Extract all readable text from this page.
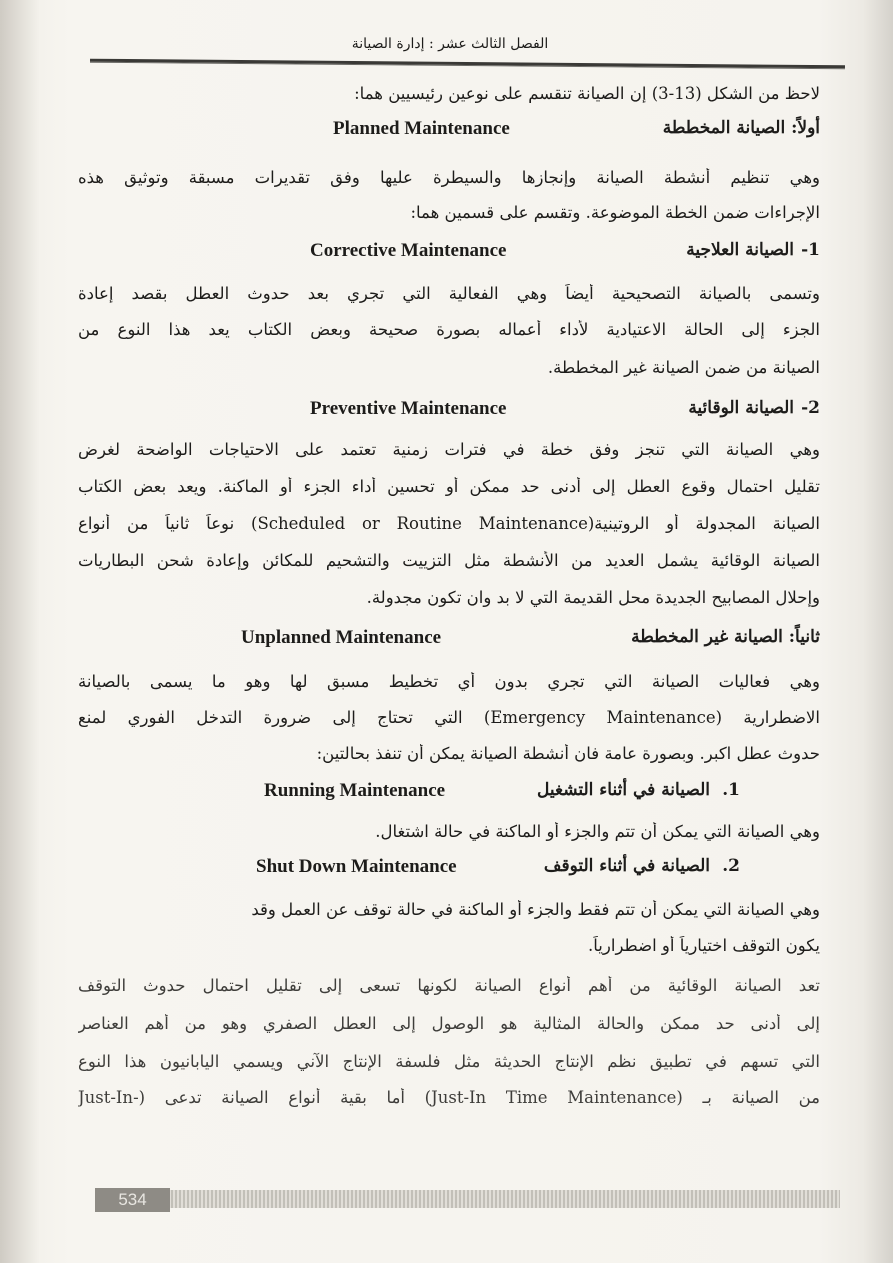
الفصل الثالث عشر : إدارة الصيانة
لاحظ من الشكل (13-3) إن الصيانة تنقسم على نوعين رئيسيين هما:
أولاً: الصيانة المخططة
Planned Maintenance
وهي تنظيم أنشطة الصيانة وإنجازها والسيطرة عليها وفق تقديرات مسبقة وتوثيق هذه
الإجراءات ضمن الخطة الموضوعة. وتقسم على قسمين هما:
1-
الصيانة العلاجية
Corrective Maintenance
وتسمى بالصيانة التصحيحية أيضاً وهي الفعالية التي تجري بعد حدوث العطل بقصد إعادة
الجزء إلى الحالة الاعتيادية لأداء أعماله بصورة صحيحة وبعض الكتاب يعد هذا النوع من
الصيانة من ضمن الصيانة غير المخططة.
2-
الصيانة الوقائية
Preventive Maintenance
وهي الصيانة التي تنجز وفق خطة في فترات زمنية تعتمد على الاحتياجات الواضحة لغرض
تقليل احتمال وقوع العطل إلى أدنى حد ممكن أو تحسين أداء الجزء أو الماكنة. ويعد بعض الكتاب
الصيانة المجدولة أو الروتينية(Scheduled or Routine Maintenance) نوعاً ثانياً من أنواع
الصيانة الوقائية يشمل العديد من الأنشطة مثل التزييت والتشحيم للمكائن وإعادة شحن البطاريات
وإحلال المصابيح الجديدة محل القديمة التي لا بد وان تكون مجدولة.
ثانياً: الصيانة غير المخططة
Unplanned Maintenance
وهي فعاليات الصيانة التي تجري بدون أي تخطيط مسبق لها وهو ما يسمى بالصيانة
الاضطرارية (Emergency Maintenance) التي تحتاج إلى ضرورة التدخل الفوري لمنع
حدوث عطل اكبر. وبصورة عامة فان أنشطة الصيانة يمكن أن تنفذ بحالتين:
1.
الصيانة في أثناء التشغيل
Running Maintenance
وهي الصيانة التي يمكن أن تتم والجزء أو الماكنة في حالة اشتغال.
2.
الصيانة في أثناء التوقف
Shut Down Maintenance
وهي الصيانة التي يمكن أن تتم فقط والجزء أو الماكنة في حالة توقف عن العمل وقد
يكون التوقف اختيارياً أو اضطرارياً.
تعد الصيانة الوقائية من أهم أنواع الصيانة لكونها تسعى إلى تقليل احتمال حدوث التوقف
إلى أدنى حد ممكن والحالة المثالية هو الوصول إلى العطل الصفري وهو من أهم العناصر
التي تسهم في تطبيق نظم الإنتاج الحديثة مثل فلسفة الإنتاج الآني ويسمي اليابانيون هذا النوع
من الصيانة بـ (Just-In Time Maintenance) أما بقية أنواع الصيانة تدعى (-Just-In
534
